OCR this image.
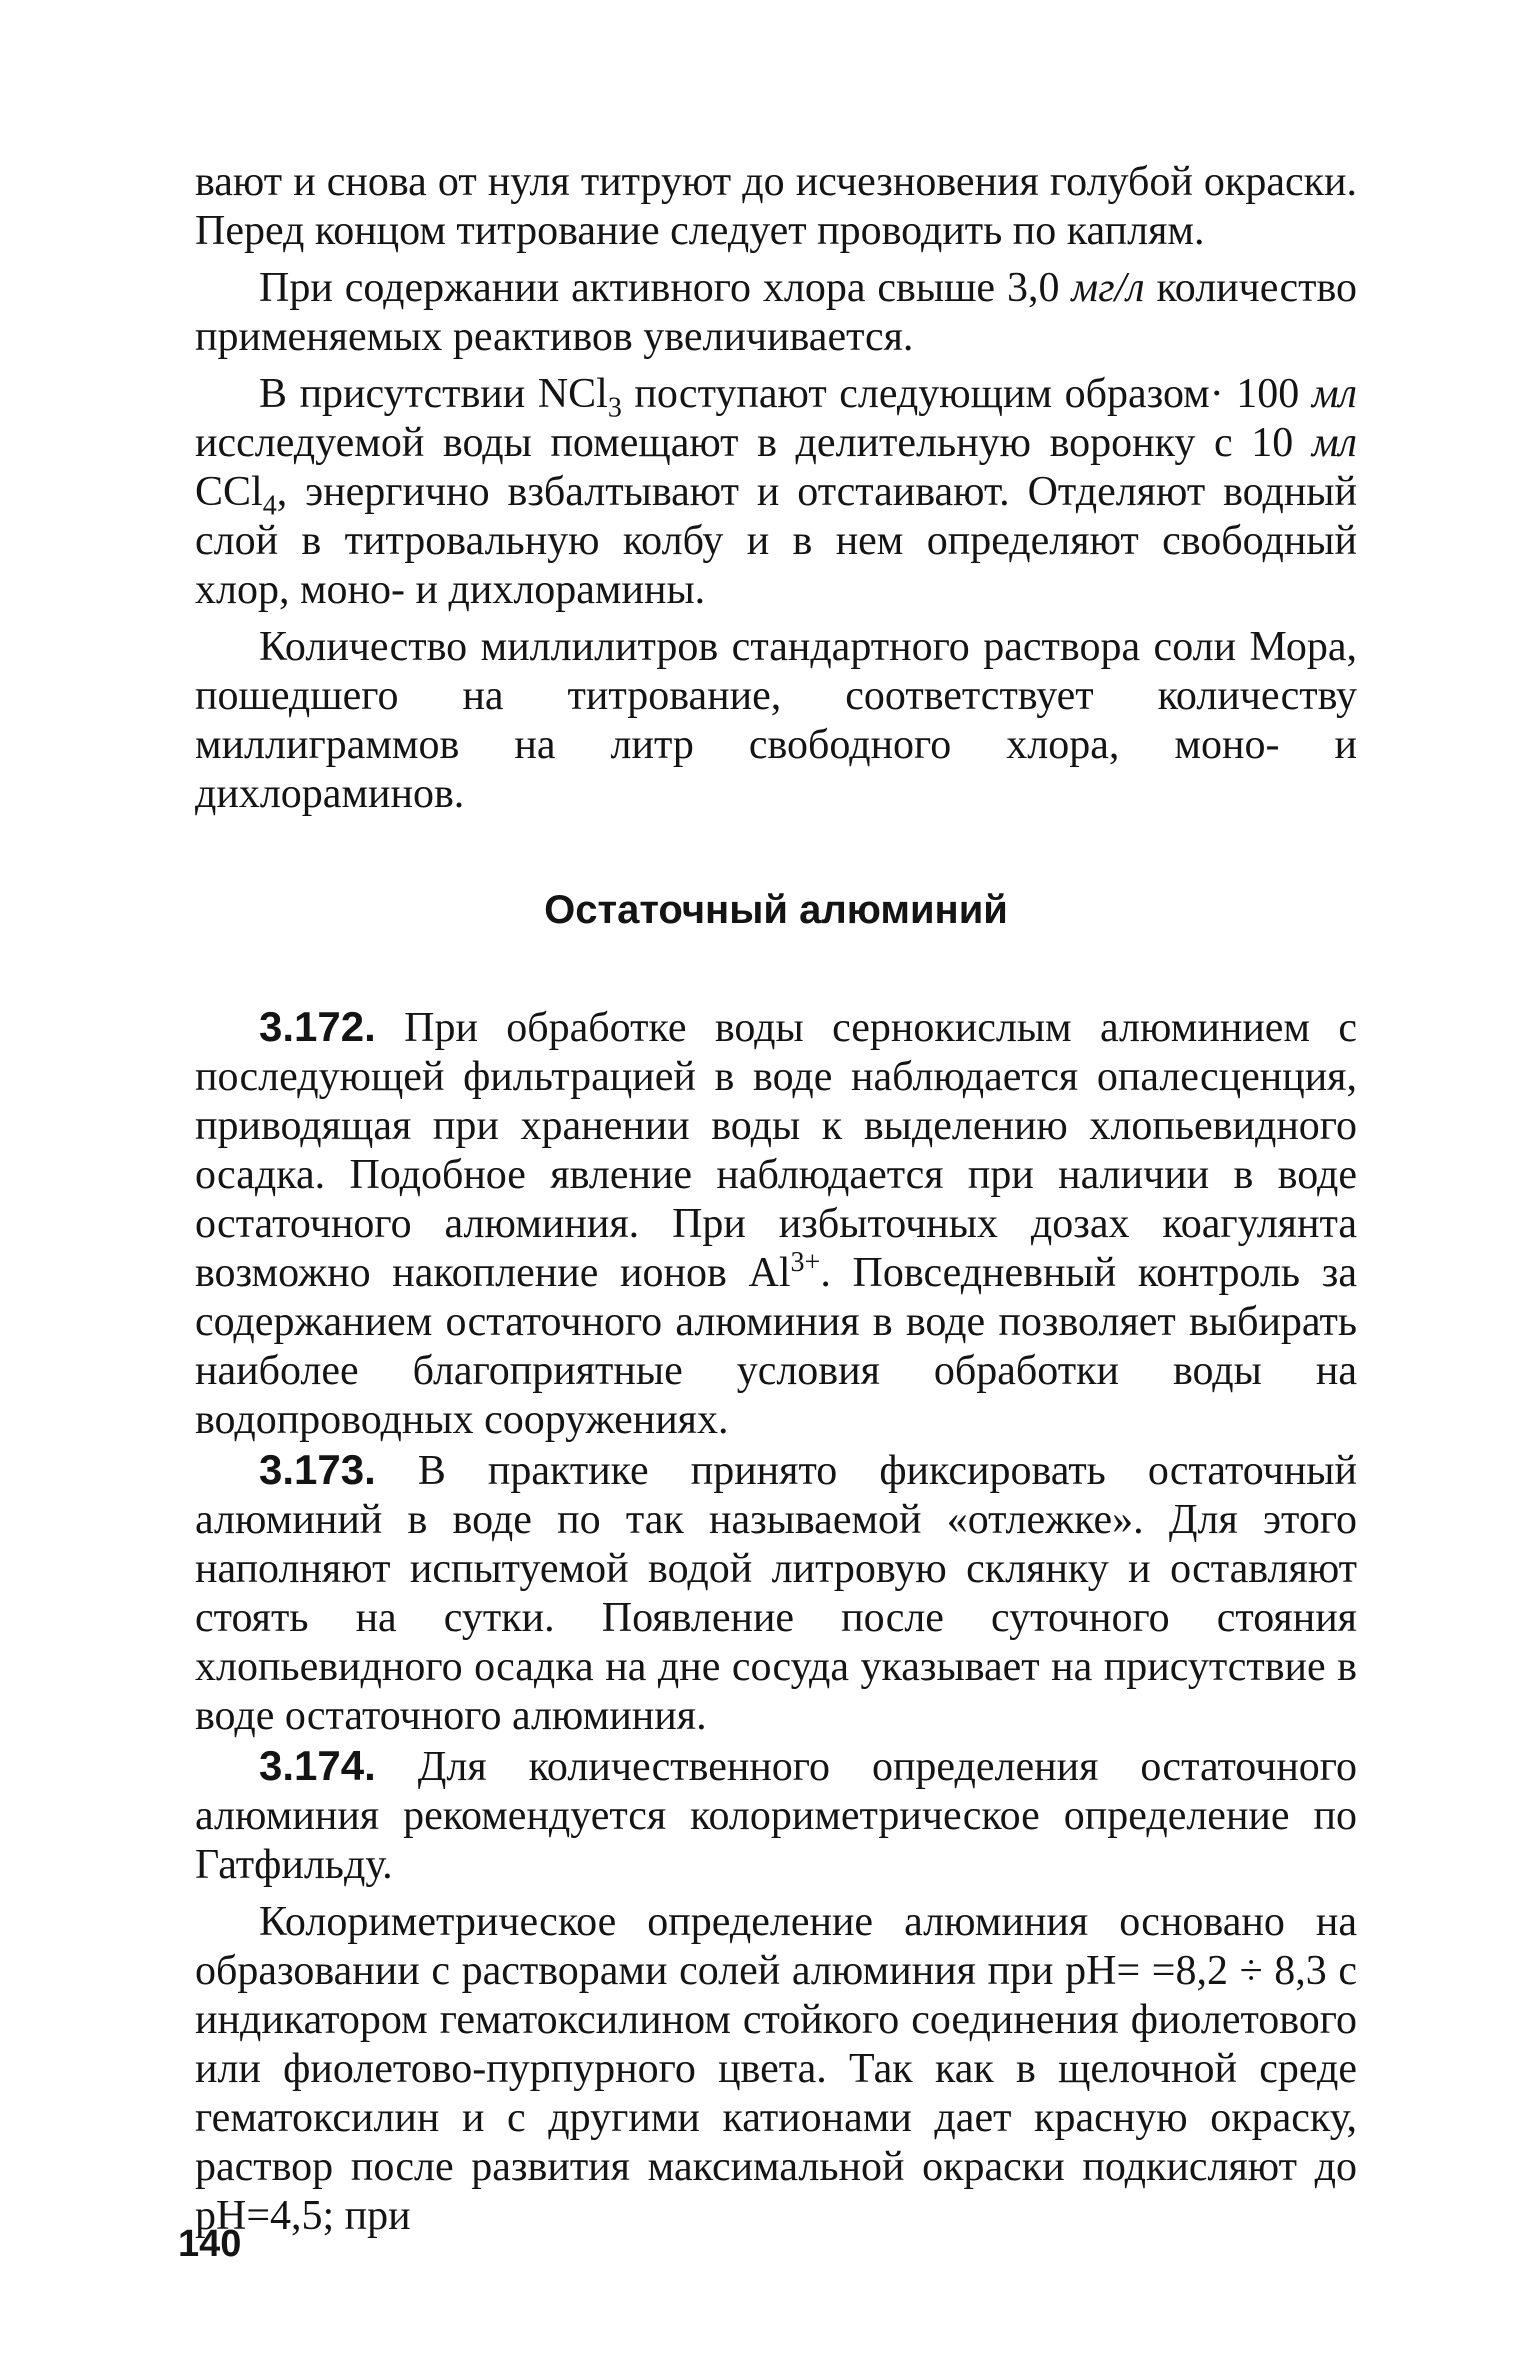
вают и снова от нуля титруют до исчезновения голубой окраски. Перед концом титрование следует проводить по каплям.

При содержании активного хлора свыше 3,0 мг/л количество применяемых реактивов увеличивается.

В присутствии NCl$_3$ поступают следующим образом· 100 мл исследуемой воды помещают в делительную воронку с 10 мл CCl$_4$, энергично взбалтывают и отстаивают. Отделяют водный слой в титровальную колбу и в нем определяют свободный хлор, моно- и дихлорамины.

Количество миллилитров стандартного раствора соли Мора, пошедшего на титрование, соответствует количеству миллиграммов на литр свободного хлора, моно- и дихлораминов.

Остаточный алюминий

3.172. При обработке воды сернокислым алюминием с последующей фильтрацией в воде наблюдается опалесценция, приводящая при хранении воды к выделению хлопьевидного осадка. Подобное явление наблюдается при наличии в воде остаточного алюминия. При избыточных дозах коагулянта возможно накопление ионов $Al^{3+}$. Повседневный контроль за содержанием остаточного алюминия в воде позволяет выбирать наиболее благоприятные условия обработки воды на водопроводных сооружениях.

3.173. В практике принято фиксировать остаточный алюминий в воде по так называемой «отлежке». Для этого наполняют испытуемой водой литровую склянку и оставляют стоять на сутки. Появление после суточного стояния хлопьевидного осадка на дне сосуда указывает на присутствие в воде остаточного алюминия.

3.174. Для количественного определения остаточного алюминия рекомендуется колориметрическое определение по Гатфильду.

Колориметрическое определение алюминия основано на образовании с растворами солей алюминия при pH= =8,2 ÷ 8,3 с индикатором гематоксилином стойкого соединения фиолетового или фиолетово-пурпурного цвета. Так как в щелочной среде гематоксилин и с другими катионами дает красную окраску, раствор после развития максимальной окраски подкисляют до pH=4,5; при

140
